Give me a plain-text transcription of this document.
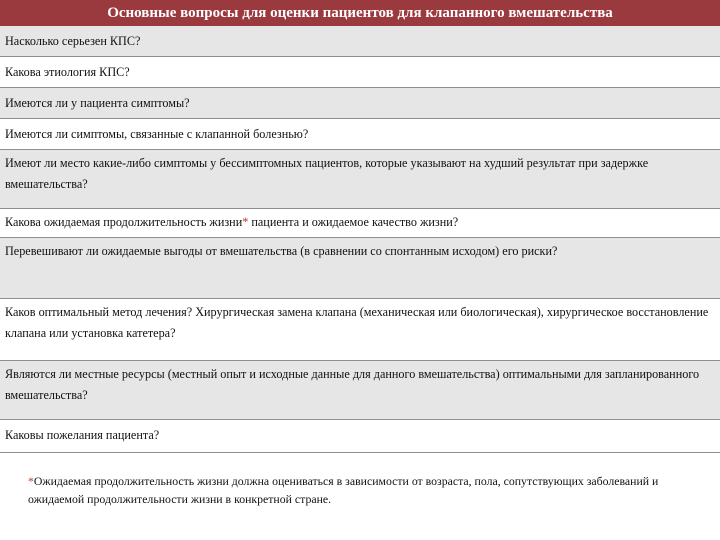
Основные вопросы для оценки пациентов для клапанного вмешательства
Насколько серьезен КПС?
Какова этиология КПС?
Имеются ли у пациента симптомы?
Имеются ли симптомы, связанные с клапанной болезнью?
Имеют ли место какие-либо симптомы у бессимптомных пациентов, которые указывают на худший результат при задержке вмешательства?
Какова ожидаемая продолжительность жизни* пациента и ожидаемое качество жизни?
Перевешивают ли ожидаемые выгоды от вмешательства (в сравнении со спонтанным исходом) его риски?
Каков оптимальный метод лечения? Хирургическая замена клапана (механическая или биологическая), хирургическое восстановление клапана или установка катетера?
Являются ли местные ресурсы (местный опыт и исходные данные для данного вмешательства) оптимальными для запланированного вмешательства?
Каковы пожелания пациента?
*Ожидаемая продолжительность жизни должна оцениваться в зависимости от возраста, пола, сопутствующих заболеваний и ожидаемой продолжительности жизни в конкретной стране.
